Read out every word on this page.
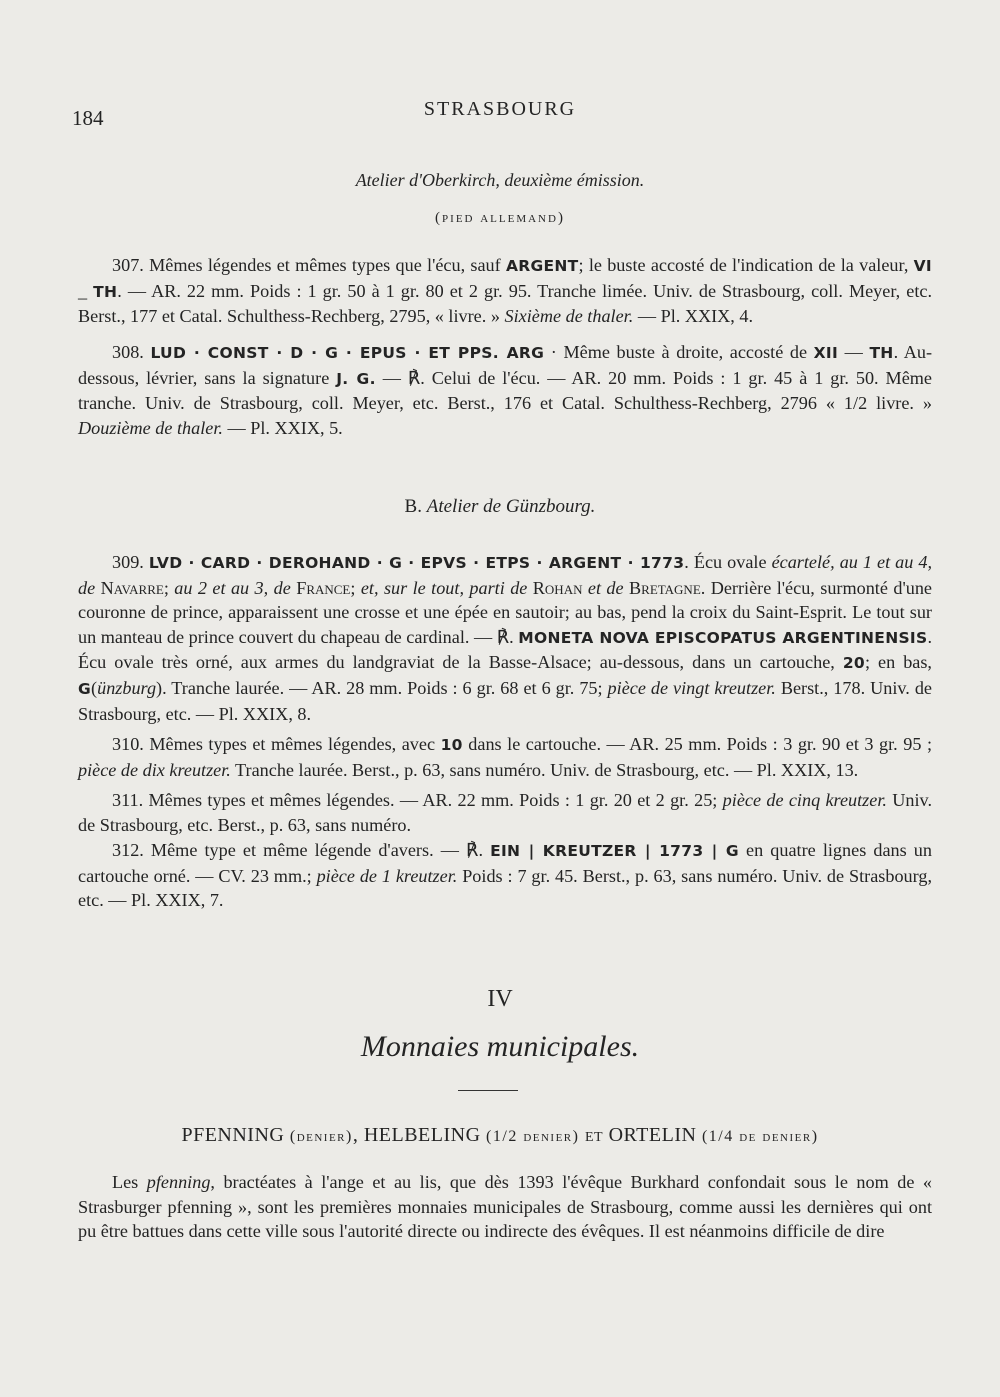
184	STRASBOURG
Atelier d'Oberkirch, deuxième émission.
(pied allemand)
307. Mêmes légendes et mêmes types que l'écu, sauf ARGENT; le buste accosté de l'indication de la valeur, VI _ TH. — AR. 22 mm. Poids : 1 gr. 50 à 1 gr. 80 et 2 gr. 95. Tranche limée. Univ. de Strasbourg, coll. Meyer, etc. Berst., 177 et Catal. Schulthess-Rechberg, 2795, « livre. » Sixième de thaler. — Pl. XXIX, 4.
308. LUD · CONST · D · G · EPUS · ET PPS. ARG · Même buste à droite, accosté de XII — TH. Au-dessous, lévrier, sans la signature J. G. — ℟. Celui de l'écu. — AR. 20 mm. Poids : 1 gr. 45 à 1 gr. 50. Même tranche. Univ. de Strasbourg, coll. Meyer, etc. Berst., 176 et Catal. Schulthess-Rechberg, 2796 « 1/2 livre. » Douzième de thaler. — Pl. XXIX, 5.
B. Atelier de Günzbourg.
309. LVD · CARD · DEROHAND · G · EPVS · ETPS · ARGENT · 1773. Écu ovale écartelé, au 1 et au 4, de Navarre; au 2 et au 3, de France; et, sur le tout, parti de Rohan et de Bretagne. Derrière l'écu, surmonté d'une couronne de prince, apparaissent une crosse et une épée en sautoir; au bas, pend la croix du Saint-Esprit. Le tout sur un manteau de prince couvert du chapeau de cardinal. — ℟. MONETA NOVA EPISCOPATUS ARGENTINENSIS. Écu ovale très orné, aux armes du landgraviat de la Basse-Alsace; au-dessous, dans un cartouche, 20; en bas, G(ünzburg). Tranche laurée. — AR. 28 mm. Poids : 6 gr. 68 et 6 gr. 75; pièce de vingt kreutzer. Berst., 178. Univ. de Strasbourg, etc. — Pl. XXIX, 8.
310. Mêmes types et mêmes légendes, avec 10 dans le cartouche. — AR. 25 mm. Poids : 3 gr. 90 et 3 gr. 95 ; pièce de dix kreutzer. Tranche laurée. Berst., p. 63, sans numéro. Univ. de Strasbourg, etc. — Pl. XXIX, 13.
311. Mêmes types et mêmes légendes. — AR. 22 mm. Poids : 1 gr. 20 et 2 gr. 25; pièce de cinq kreutzer. Univ. de Strasbourg, etc. Berst., p. 63, sans numéro.
312. Même type et même légende d'avers. — ℟. EIN | KREUTZER | 1773 | G en quatre lignes dans un cartouche orné. — CV. 23 mm.; pièce de 1 kreutzer. Poids : 7 gr. 45. Berst., p. 63, sans numéro. Univ. de Strasbourg, etc. — Pl. XXIX, 7.
IV
Monnaies municipales.
PFENNING (denier), HELBELING (1/2 denier) et ORTELIN (1/4 de denier)
Les pfenning, bractéates à l'ange et au lis, que dès 1393 l'évêque Burkhard confondait sous le nom de « Strasburger pfenning », sont les premières monnaies municipales de Strasbourg, comme aussi les dernières qui ont pu être battues dans cette ville sous l'autorité directe ou indirecte des évêques. Il est néanmoins difficile de dire
